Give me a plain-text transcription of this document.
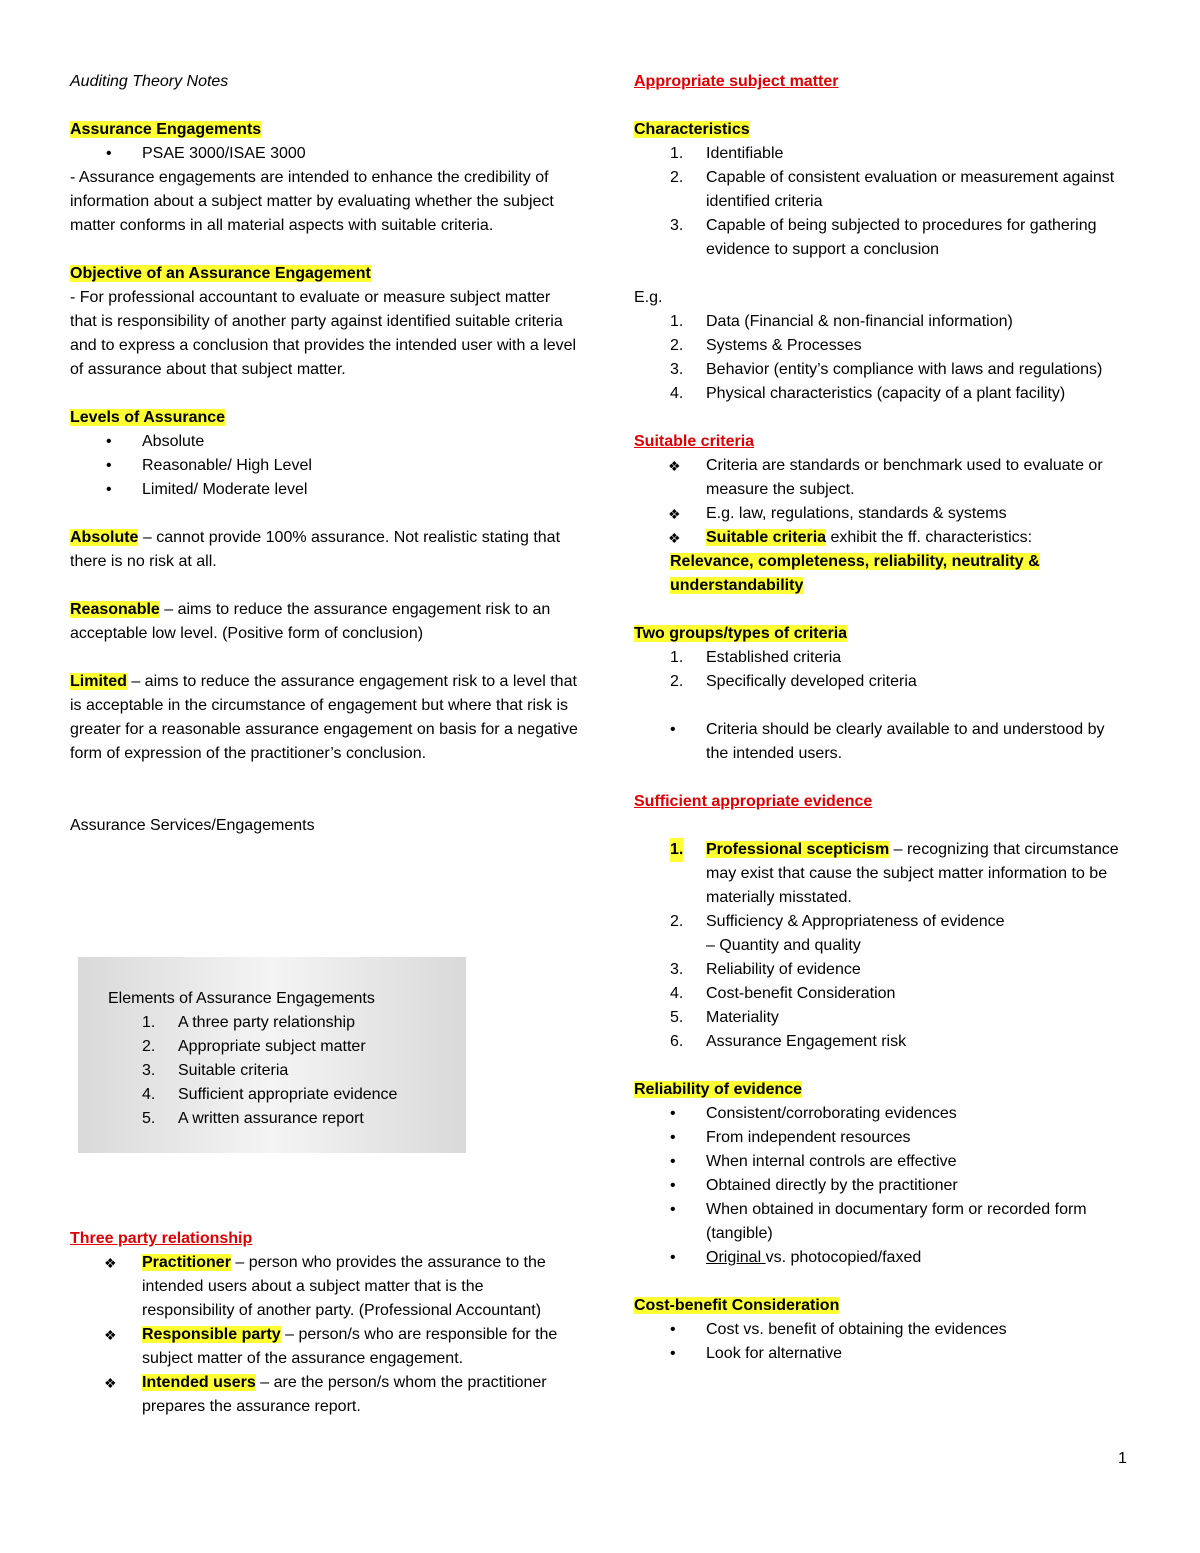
Auditing Theory Notes

Assurance Engagements

• PSAE 3000/ISAE 3000

- Assurance engagements are intended to enhance the credibility of information about a subject matter by evaluating whether the subject matter conforms in all material aspects with suitable criteria.

Objective of an Assurance Engagement

- For professional accountant to evaluate or measure subject matter that is responsibility of another party against identified suitable criteria and to express a conclusion that provides the intended user with a level of assurance about that subject matter.

Levels of Assurance

• Absolute
• Reasonable/ High Level
• Limited/ Moderate level

Absolute – cannot provide 100% assurance. Not realistic stating that there is no risk at all.

Reasonable – aims to reduce the assurance engagement risk to an acceptable low level. (Positive form of conclusion)

Limited – aims to reduce the assurance engagement risk to a level that is acceptable in the circumstance of engagement but where that risk is greater for a reasonable assurance engagement on basis for a negative form of expression of the practitioner’s conclusion.

Assurance Services/Engagements

Elements of Assurance Engagements

1. A three party relationship
2. Appropriate subject matter
3. Suitable criteria
4. Sufficient appropriate evidence
5. A written assurance report

Three party relationship

❖ Practitioner – person who provides the assurance to the intended users about a subject matter that is the responsibility of another party. (Professional Accountant)
❖ Responsible party – person/s who are responsible for the subject matter of the assurance engagement.
❖ Intended users – are the person/s whom the practitioner prepares the assurance report.

Appropriate subject matter

Characteristics

1. Identifiable
2. Capable of consistent evaluation or measurement against identified criteria
3. Capable of being subjected to procedures for gathering evidence to support a conclusion

E.g.

1. Data (Financial & non-financial information)
2. Systems & Processes
3. Behavior (entity’s compliance with laws and regulations)
4. Physical characteristics (capacity of a plant facility)

Suitable criteria

❖ Criteria are standards or benchmark used to evaluate or measure the subject.
❖ E.g. law, regulations, standards & systems
❖ Suitable criteria exhibit the ff. characteristics:

Relevance, completeness, reliability, neutrality & understandability

Two groups/types of criteria

1. Established criteria
2. Specifically developed criteria
• Criteria should be clearly available to and understood by the intended users.

Sufficient appropriate evidence

1. Professional scepticism – recognizing that circumstance may exist that cause the subject matter information to be materially misstated.
2. Sufficiency & Appropriateness of evidence
– Quantity and quality
3. Reliability of evidence
4. Cost-benefit Consideration
5. Materiality
6. Assurance Engagement risk

Reliability of evidence

• Consistent/corroborating evidences
• From independent resources
• When internal controls are effective
• Obtained directly by the practitioner
• When obtained in documentary form or recorded form (tangible)
• Original vs. photocopied/faxed

Cost-benefit Consideration

• Cost vs. benefit of obtaining the evidences
• Look for alternative
1
